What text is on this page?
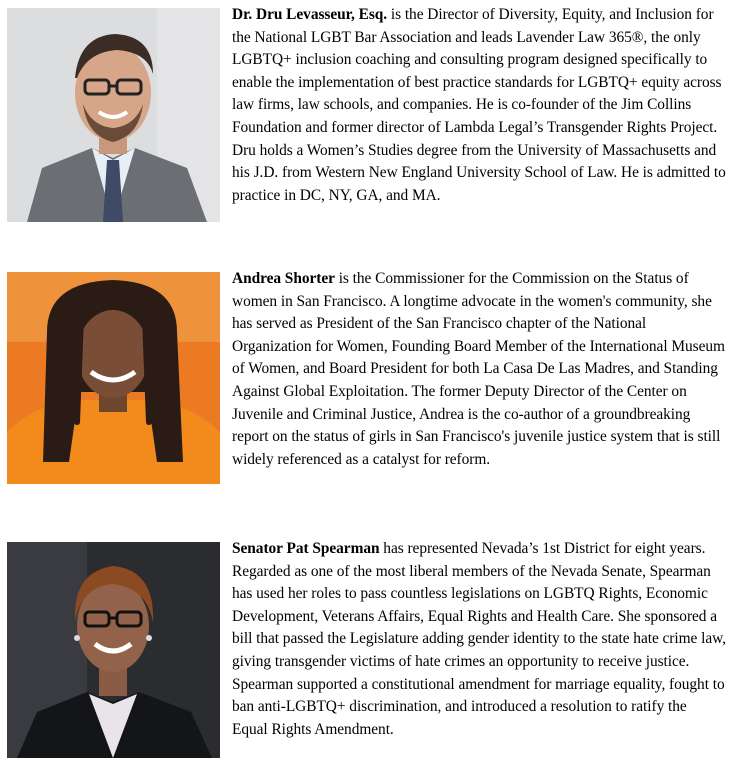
Dr. Dru Levasseur, Esq. is the Director of Diversity, Equity, and Inclusion for the National LGBT Bar Association and leads Lavender Law 365®, the only LGBTQ+ inclusion coaching and consulting program designed specifically to enable the implementation of best practice standards for LGBTQ+ equity across law firms, law schools, and companies. He is co-founder of the Jim Collins Foundation and former director of Lambda Legal’s Transgender Rights Project. Dru holds a Women’s Studies degree from the University of Massachusetts and his J.D. from Western New England University School of Law. He is admitted to practice in DC, NY, GA, and MA.

Andrea Shorter is the Commissioner for the Commission on the Status of women in San Francisco. A longtime advocate in the women's community, she has served as President of the San Francisco chapter of the National Organization for Women, Founding Board Member of the International Museum of Women, and Board President for both La Casa De Las Madres, and Standing Against Global Exploitation. The former Deputy Director of the Center on Juvenile and Criminal Justice, Andrea is the co-author of a groundbreaking report on the status of girls in San Francisco's juvenile justice system that is still widely referenced as a catalyst for reform.

Senator Pat Spearman has represented Nevada’s 1st District for eight years. Regarded as one of the most liberal members of the Nevada Senate, Spearman has used her roles to pass countless legislations on LGBTQ Rights, Economic Development, Veterans Affairs, Equal Rights and Health Care. She sponsored a bill that passed the Legislature adding gender identity to the state hate crime law, giving transgender victims of hate crimes an opportunity to receive justice. Spearman supported a constitutional amendment for marriage equality, fought to ban anti-LGBTQ+ discrimination, and introduced a resolution to ratify the Equal Rights Amendment.
